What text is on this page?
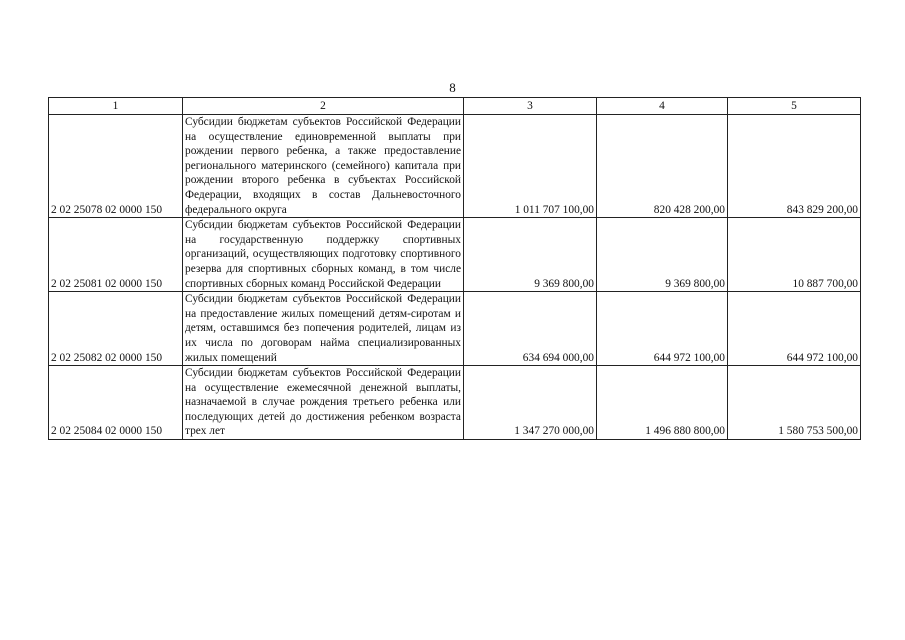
8
1	2	3	4	5
2 02 25078 02 0000 150	Субсидии бюджетам субъектов Российской Федерации на осуществление единовременной выплаты при рождении первого ребенка, а также предоставление регионального материнского (семейного) капитала при рождении второго ребенка в субъектах Российской Федерации, входящих в состав Дальневосточного федерального округа	1 011 707 100,00	820 428 200,00	843 829 200,00
2 02 25081 02 0000 150	Субсидии бюджетам субъектов Российской Федерации на государственную поддержку спортивных организаций, осуществляющих подготовку спортивного резерва для спортивных сборных команд, в том числе спортивных сборных команд Российской Федерации	9 369 800,00	9 369 800,00	10 887 700,00
2 02 25082 02 0000 150	Субсидии бюджетам субъектов Российской Федерации на предоставление жилых помещений детям-сиротам и детям, оставшимся без попечения родителей, лицам из их числа по договорам найма специализированных жилых помещений	634 694 000,00	644 972 100,00	644 972 100,00
2 02 25084 02 0000 150	Субсидии бюджетам субъектов Российской Федерации на осуществление ежемесячной денежной выплаты, назначаемой в случае рождения третьего ребенка или последующих детей до достижения ребенком возраста трех лет	1 347 270 000,00	1 496 880 800,00	1 580 753 500,00
